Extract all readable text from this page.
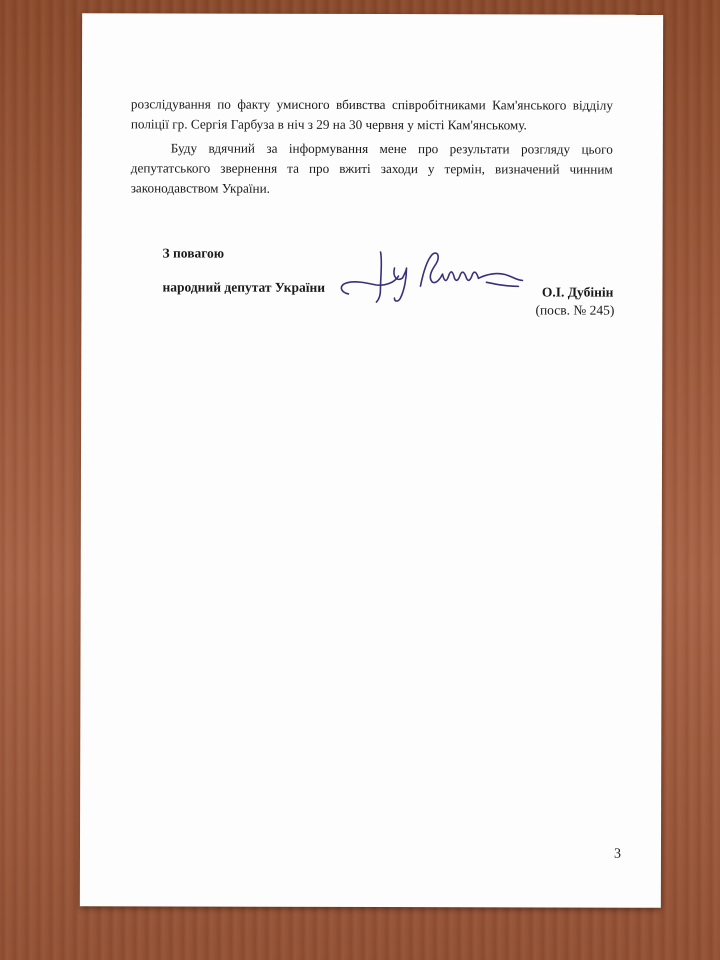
розслідування по факту умисного вбивства співробітниками Кам'янського відділу
поліції гр. Сергія Гарбуза в ніч з 29 на 30 червня у місті Кам'янському.
Буду вдячний за інформування мене про результати розгляду цього депутатського звернення та про вжиті заходи у термін, визначений чинним законодавством України.
З повагою
народний депутат України	О.І. Дубінін
(посв. № 245)
3
